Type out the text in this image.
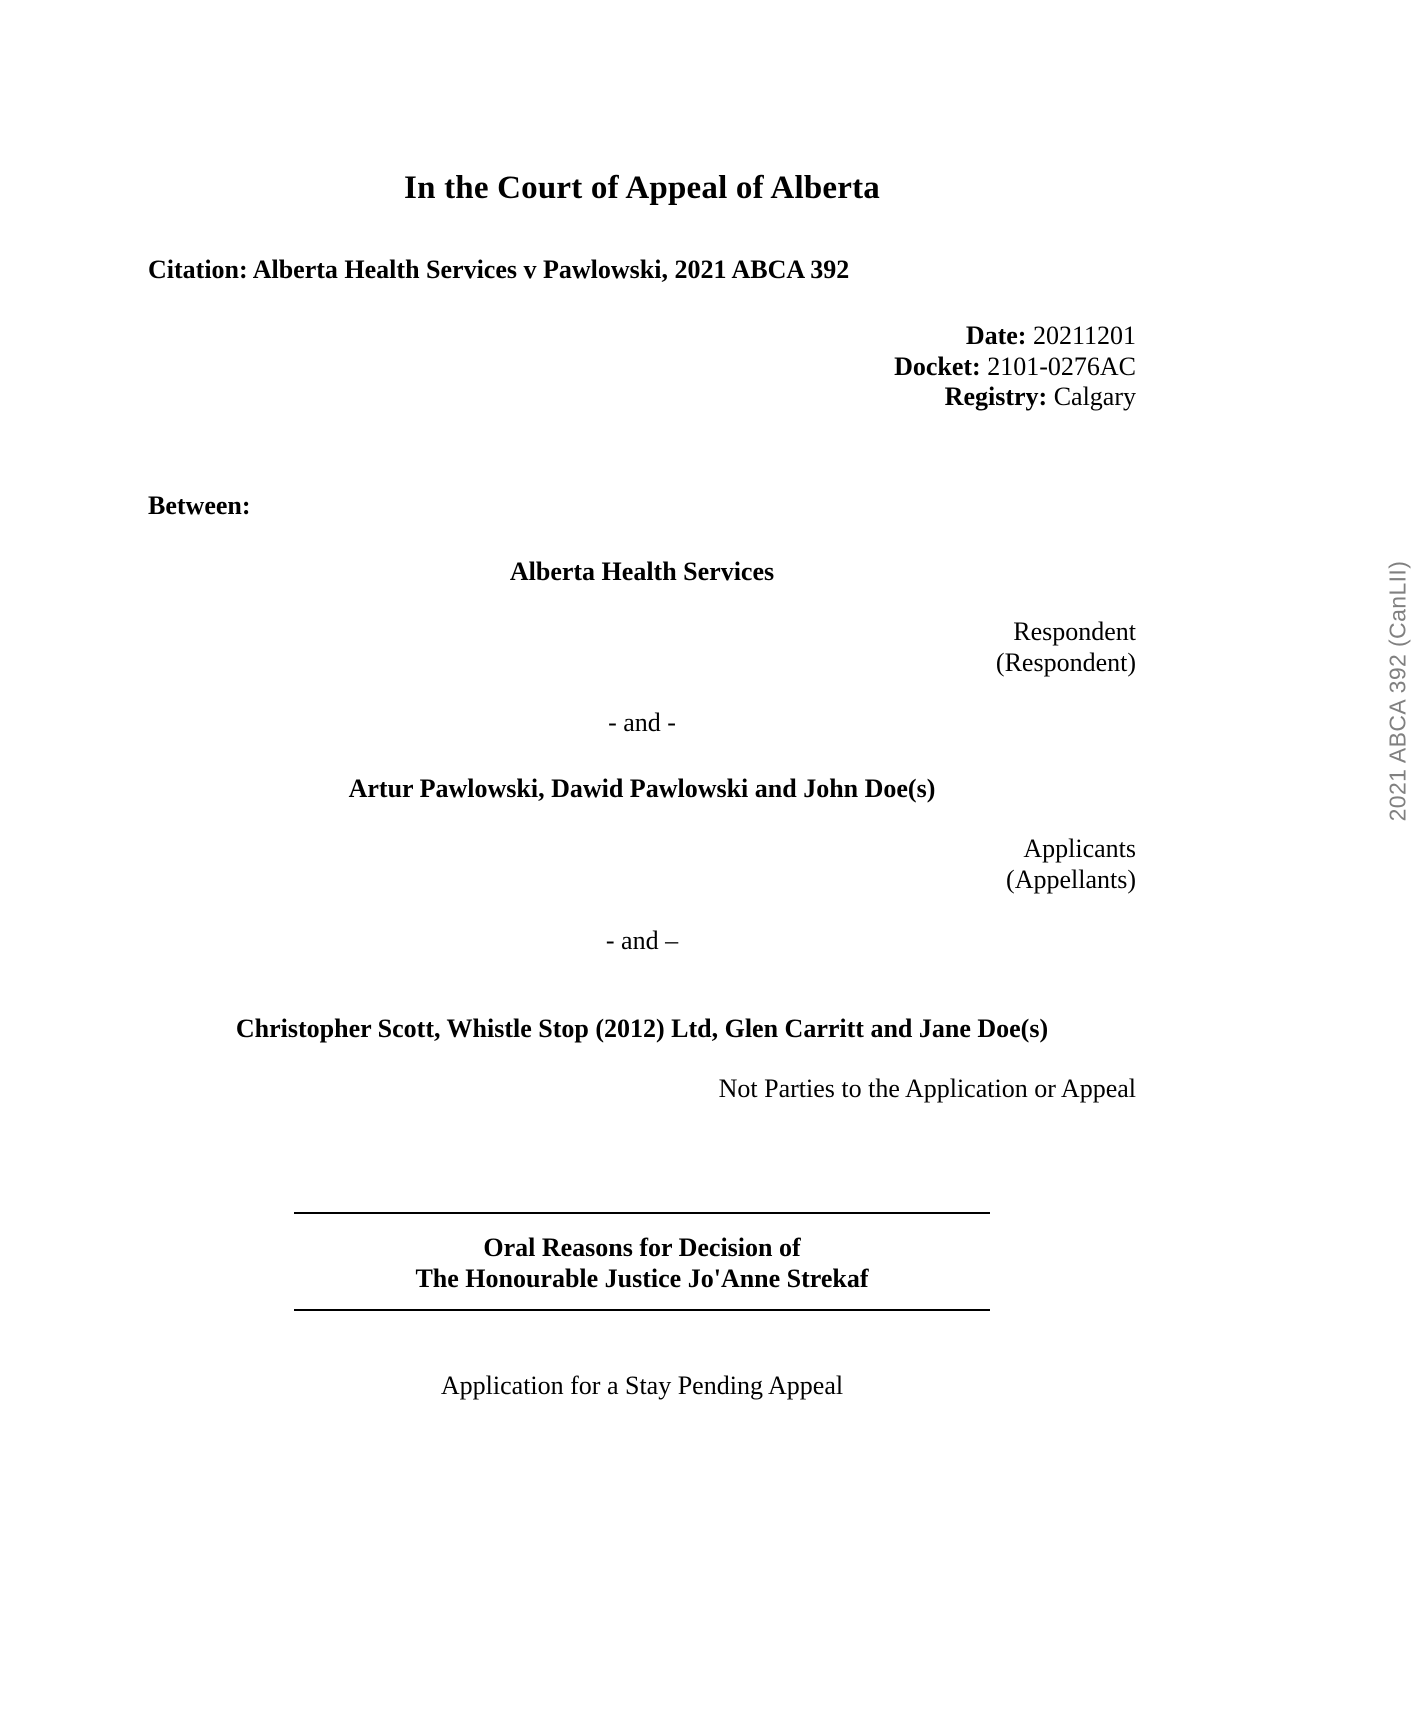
In the Court of Appeal of Alberta

Citation: Alberta Health Services v Pawlowski, 2021 ABCA 392

Date: 20211201
Docket: 2101-0276AC
Registry: Calgary

Between:

Alberta Health Services

Respondent
(Respondent)

- and -

Artur Pawlowski, Dawid Pawlowski and John Doe(s)

Applicants
(Appellants)

- and –

Christopher Scott, Whistle Stop (2012) Ltd, Glen Carritt and Jane Doe(s)

Not Parties to the Application or Appeal

Oral Reasons for Decision of
The Honourable Justice Jo'Anne Strekaf

Application for a Stay Pending Appeal

2021 ABCA 392 (CanLII)
